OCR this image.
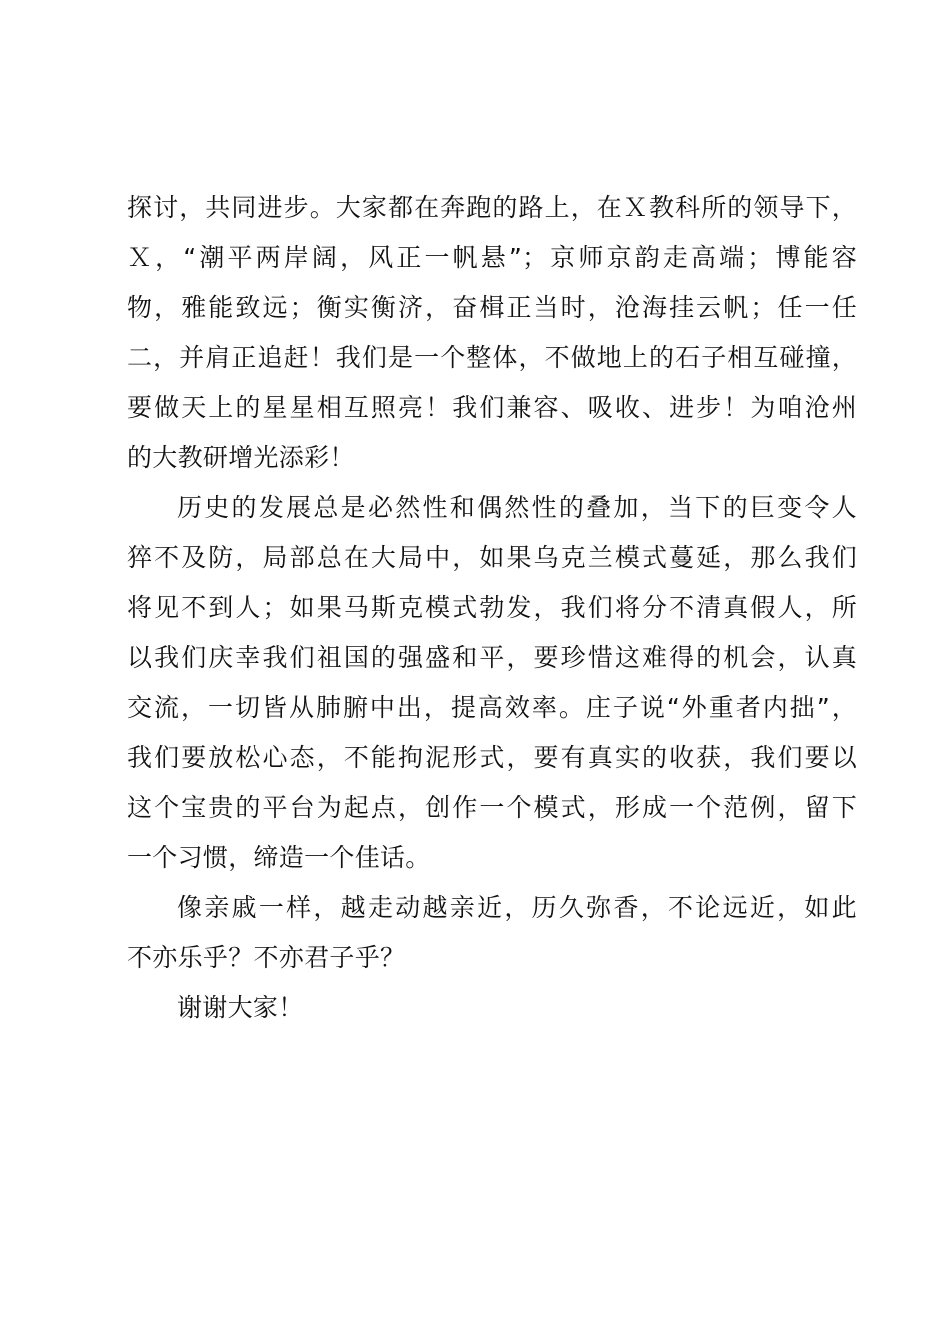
探讨，共同进步。大家都在奔跑的路上，在Ｘ教科所的领导下，
Ｘ，“潮平两岸阔，风正一帆悬”；京师京韵走高端；博能容
物，雅能致远；衡实衡济，奋楫正当时，沧海挂云帆；任一任
二，并肩正追赶！我们是一个整体，不做地上的石子相互碰撞，
要做天上的星星相互照亮！我们兼容、吸收、进步！为咱沧州
的大教研增光添彩！
历史的发展总是必然性和偶然性的叠加，当下的巨变令人
猝不及防，局部总在大局中，如果乌克兰模式蔓延，那么我们
将见不到人；如果马斯克模式勃发，我们将分不清真假人，所
以我们庆幸我们祖国的强盛和平，要珍惜这难得的机会，认真
交流，一切皆从肺腑中出，提高效率。庄子说“外重者内拙”，
我们要放松心态，不能拘泥形式，要有真实的收获，我们要以
这个宝贵的平台为起点，创作一个模式，形成一个范例，留下
一个习惯，缔造一个佳话。
像亲戚一样，越走动越亲近，历久弥香，不论远近，如此
不亦乐乎？不亦君子乎？
谢谢大家！
